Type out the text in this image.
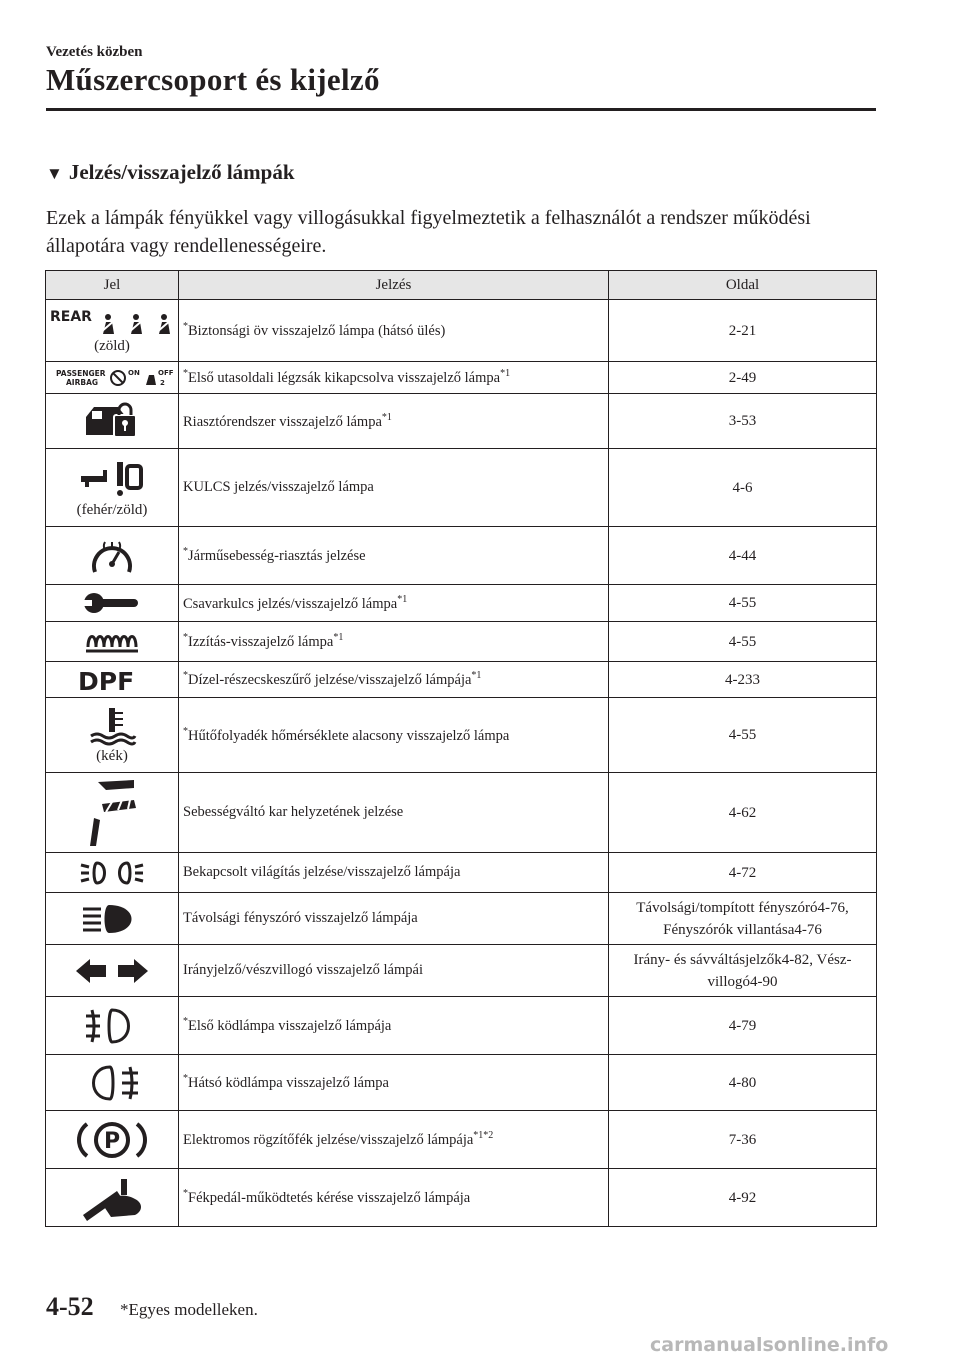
Vezetés közben
Műszercsoport és kijelző
▼ Jelzés/visszajelző lámpák
Ezek a lámpák fényükkel vagy villogásukkal figyelmeztetik a felhasználót a rendszer működési állapotára vagy rendellenességeire.
Jel	Jelzés	Oldal

REAR
(zöld)	*Biztonsági öv visszajelző lámpa (hátsó ülés)	2-21

PASSENGER
AIRBAG
ON OFF
2	*Első utasoldali légzsák kikapcsolva visszajelző lámpa$^{*1}$	2-49

	Riasztórendszer visszajelző lámpa$^{*1}$	3-53

(fehér/zöld)	KULCS jelzés/visszajelző lámpa	4-6

	*Járműsebesség-riasztás jelzése	4-44

	Csavarkulcs jelzés/visszajelző lámpa$^{*1}$	4-55

	*Izzítás-visszajelző lámpa$^{*1}$	4-55

DPF	*Dízel-részecskeszűrő jelzése/visszajelző lámpája$^{*1}$	4-233

(kék)	*Hűtőfolyadék hőmérséklete alacsony visszajelző lámpa	4-55

	Sebességváltó kar helyzetének jelzése	4-62

	Bekapcsolt világítás jelzése/visszajelző lámpája	4-72

	Távolsági fényszóró visszajelző lámpája	Távolsági/tompított fényszóró4-76, Fényszórók villantása4-76

	Irányjelző/vészvillogó visszajelző lámpái	Irány- és sávváltásjelzők4-82, Vész-villogó4-90

	*Első ködlámpa visszajelző lámpája	4-79

	*Hátsó ködlámpa visszajelző lámpa	4-80

P	Elektromos rögzítőfék jelzése/visszajelző lámpája$^{*1*2}$	7-36

	*Fékpedál-működtetés kérése visszajelző lámpája	4-92
4-52 *Egyes modelleken.
carmanualsonline.info
